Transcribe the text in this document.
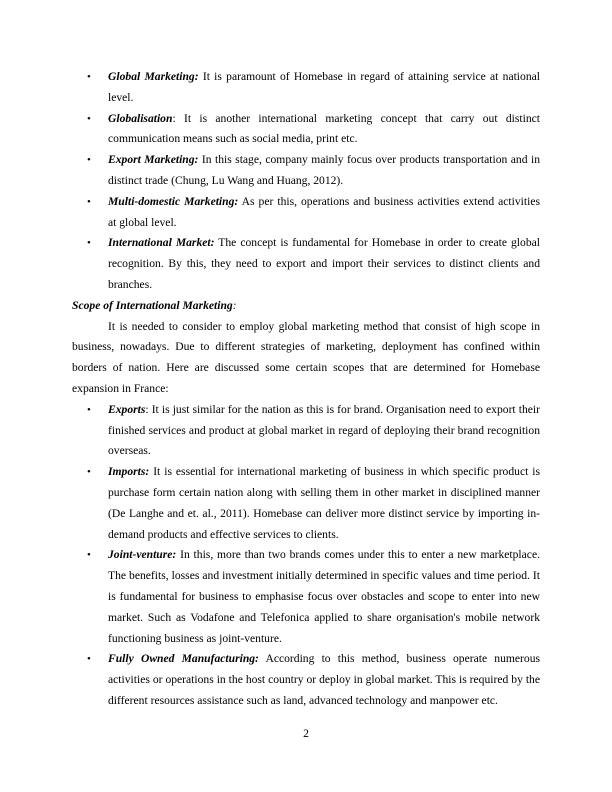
• Global Marketing: It is paramount of Homebase in regard of attaining service at national level.
• Globalisation: It is another international marketing concept that carry out distinct communication means such as social media, print etc.
• Export Marketing: In this stage, company mainly focus over products transportation and in distinct trade (Chung, Lu Wang and Huang, 2012).
• Multi-domestic Marketing: As per this, operations and business activities extend activities at global level.
• International Market: The concept is fundamental for Homebase in order to create global recognition. By this, they need to export and import their services to distinct clients and branches.

Scope of International Marketing:

It is needed to consider to employ global marketing method that consist of high scope in business, nowadays. Due to different strategies of marketing, deployment has confined within borders of nation. Here are discussed some certain scopes that are determined for Homebase expansion in France:

• Exports: It is just similar for the nation as this is for brand. Organisation need to export their finished services and product at global market in regard of deploying their brand recognition overseas.
• Imports: It is essential for international marketing of business in which specific product is purchase form certain nation along with selling them in other market in disciplined manner (De Langhe and et. al., 2011). Homebase can deliver more distinct service by importing in-demand products and effective services to clients.
• Joint-venture: In this, more than two brands comes under this to enter a new marketplace. The benefits, losses and investment initially determined in specific values and time period. It is fundamental for business to emphasise focus over obstacles and scope to enter into new market. Such as Vodafone and Telefonica applied to share organisation's mobile network functioning business as joint-venture.
• Fully Owned Manufacturing: According to this method, business operate numerous activities or operations in the host country or deploy in global market. This is required by the different resources assistance such as land, advanced technology and manpower etc.
2
